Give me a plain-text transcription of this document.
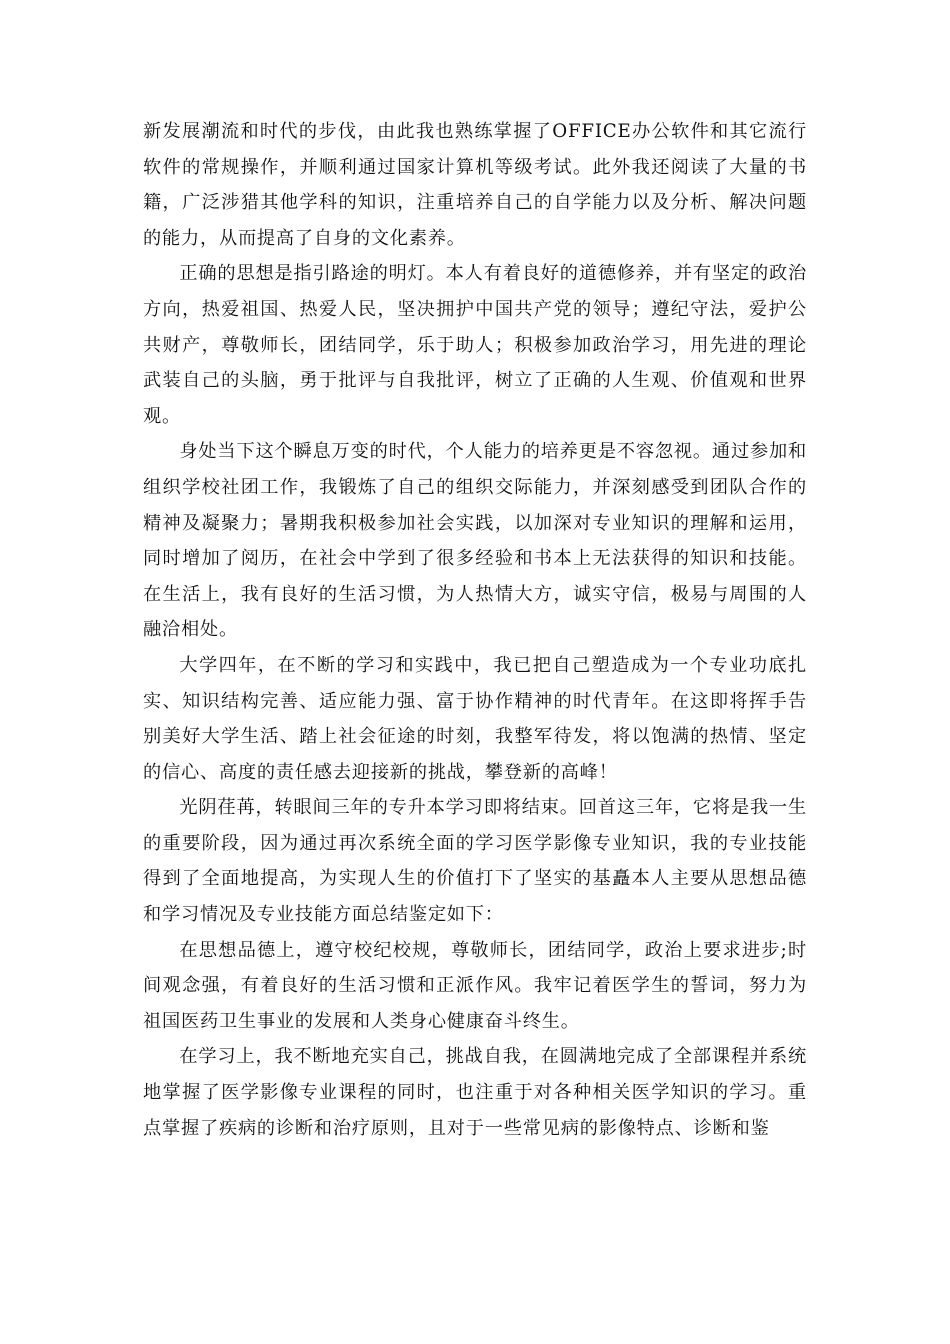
新发展潮流和时代的步伐，由此我也熟练掌握了OFFICE办公软件和其它流行软件的常规操作，并顺利通过国家计算机等级考试。此外我还阅读了大量的书籍，广泛涉猎其他学科的知识，注重培养自己的自学能力以及分析、解决问题的能力，从而提高了自身的文化素养。

正确的思想是指引路途的明灯。本人有着良好的道德修养，并有坚定的政治方向，热爱祖国、热爱人民，坚决拥护中国共产党的领导；遵纪守法，爱护公共财产，尊敬师长，团结同学，乐于助人；积极参加政治学习，用先进的理论武装自己的头脑，勇于批评与自我批评，树立了正确的人生观、价值观和世界观。

身处当下这个瞬息万变的时代，个人能力的培养更是不容忽视。通过参加和组织学校社团工作，我锻炼了自己的组织交际能力，并深刻感受到团队合作的精神及凝聚力；暑期我积极参加社会实践，以加深对专业知识的理解和运用，同时增加了阅历，在社会中学到了很多经验和书本上无法获得的知识和技能。在生活上，我有良好的生活习惯，为人热情大方，诚实守信，极易与周围的人融洽相处。

大学四年，在不断的学习和实践中，我已把自己塑造成为一个专业功底扎实、知识结构完善、适应能力强、富于协作精神的时代青年。在这即将挥手告别美好大学生活、踏上社会征途的时刻，我整军待发，将以饱满的热情、坚定的信心、高度的责任感去迎接新的挑战，攀登新的高峰！

光阴荏苒，转眼间三年的专升本学习即将结束。回首这三年，它将是我一生的重要阶段，因为通过再次系统全面的学习医学影像专业知识，我的专业技能得到了全面地提高，为实现人生的价值打下了坚实的基矗本人主要从思想品德和学习情况及专业技能方面总结鉴定如下：

在思想品德上，遵守校纪校规，尊敬师长，团结同学，政治上要求进步;时间观念强，有着良好的生活习惯和正派作风。我牢记着医学生的誓词，努力为祖国医药卫生事业的发展和人类身心健康奋斗终生。

在学习上，我不断地充实自己，挑战自我，在圆满地完成了全部课程并系统地掌握了医学影像专业课程的同时，也注重于对各种相关医学知识的学习。重点掌握了疾病的诊断和治疗原则，且对于一些常见病的影像特点、诊断和鉴
